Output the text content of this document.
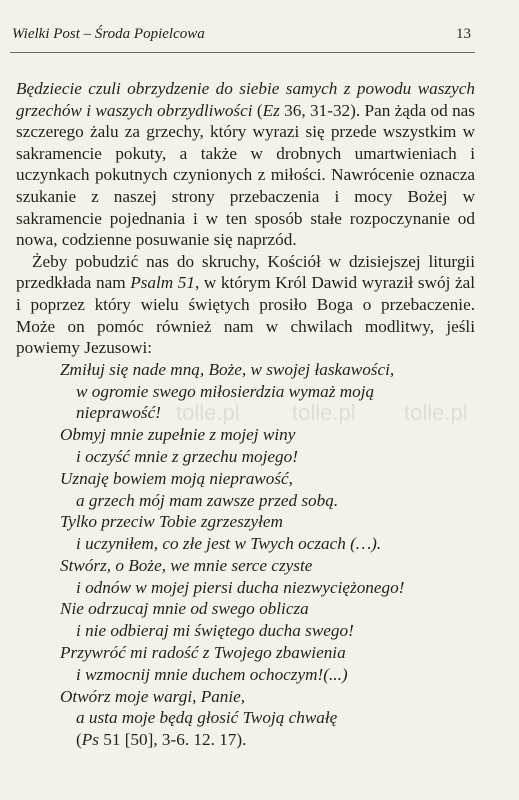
Wielki Post – Środa Popielcowa	13

Będziecie czuli obrzydzenie do siebie samych z powodu waszych grzechów i waszych obrzydliwości (Ez 36, 31-32). Pan żąda od nas szczerego żalu za grzechy, który wyrazi się przede wszystkim w sakramencie pokuty, a także w drobnych umartwieniach i uczynkach pokutnych czynionych z miłości. Nawrócenie oznacza szukanie z naszej strony przebaczenia i mocy Bożej w sakramencie pojednania i w ten sposób stałe rozpoczynanie od nowa, codzienne posuwanie się naprzód.

Żeby pobudzić nas do skruchy, Kościół w dzisiejszej liturgii przedkłada nam Psalm 51, w którym Król Dawid wyraził swój żal i poprzez który wielu świętych prosiło Boga o przebaczenie. Może on pomóc również nam w chwilach modlitwy, jeśli powiemy Jezusowi:

Zmiłuj się nade mną, Boże, w swojej łaskawości,
w ogromie swego miłosierdzia wymaż moją
nieprawość!
Obmyj mnie zupełnie z mojej winy
i oczyść mnie z grzechu mojego!
Uznaję bowiem moją nieprawość,
a grzech mój mam zawsze przed sobą.
Tylko przeciw Tobie zgrzeszyłem
i uczyniłem, co złe jest w Twych oczach (…).
Stwórz, o Boże, we mnie serce czyste
i odnów w mojej piersi ducha niezwyciężonego!
Nie odrzucaj mnie od swego oblicza
i nie odbieraj mi świętego ducha swego!
Przywróć mi radość z Twojego zbawienia
i wzmocnij mnie duchem ochoczym!(...)
Otwórz moje wargi, Panie,
a usta moje będą głosić Twoją chwałę
(Ps 51 [50], 3-6. 12. 17).
tolle.pl tolle.pl tolle.pl
